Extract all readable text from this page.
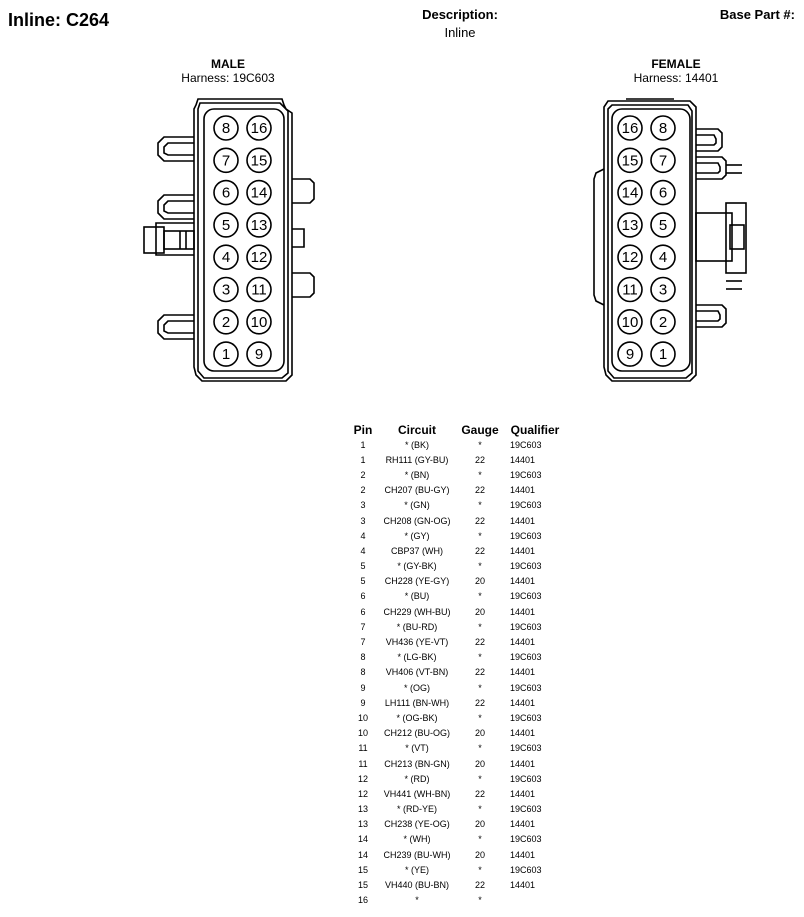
Inline: C264	Description:
Inline
Base Part #:
MALE
Harness: 19C603
FEMALE
Harness: 14401
8
7
6
5
4
3
2
1
16
15
14
13
12
11
10
9
16
15
14
13
12
11
10
9
8
7
6
5
4
3
2
1
Pin	Circuit	Gauge	Qualifier
1	* (BK)	*	19C603
1	RH111 (GY-BU)	22	14401
2	* (BN)	*	19C603
2	CH207 (BU-GY)	22	14401
3	* (GN)	*	19C603
3	CH208 (GN-OG)	22	14401
4	* (GY)	*	19C603
4	CBP37 (WH)	22	14401
5	* (GY-BK)	*	19C603
5	CH228 (YE-GY)	20	14401
6	* (BU)	*	19C603
6	CH229 (WH-BU)	20	14401
7	* (BU-RD)	*	19C603
7	VH436 (YE-VT)	22	14401
8	* (LG-BK)	*	19C603
8	VH406 (VT-BN)	22	14401
9	* (OG)	*	19C603
9	LH111 (BN-WH)	22	14401
10	* (OG-BK)	*	19C603
10	CH212 (BU-OG)	20	14401
11	* (VT)	*	19C603
11	CH213 (BN-GN)	20	14401
12	* (RD)	*	19C603
12	VH441 (WH-BN)	22	14401
13	* (RD-YE)	*	19C603
13	CH238 (YE-OG)	20	14401
14	* (WH)	*	19C603
14	CH239 (BU-WH)	20	14401
15	* (YE)	*	19C603
15	VH440 (BU-BN)	22	14401
16	*	*	
